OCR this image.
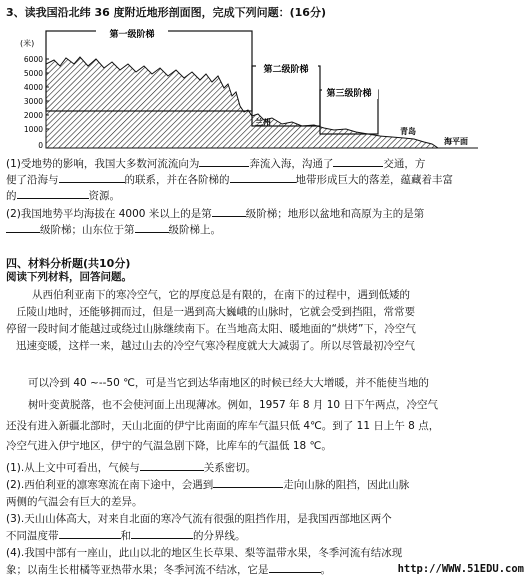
3、读我国沿北纬 36 度附近地形剖面图，完成下列问题：(16分)
(米)
6000
5000
4000
3000
2000
1000
0
第一级阶梯
第二级阶梯
第三级阶梯
兰州
青岛
海平面
(1)受地势的影响，我国大多数河流流向为	奔流入海，沟通了	交通，方
便了沿海与	的联系，并在各阶梯的	地带形成巨大的落差，蕴藏着丰富
的	资源。
(2)我国地势平均海拔在 4000 米以上的是第	级阶梯；地形以盆地和高原为主的是第
级阶梯；山东位于第	级阶梯上。
四、材料分析题(共10分)
阅读下列材料，回答问题。
从西伯利亚南下的寒冷空气，它的厚度总是有限的，在南下的过程中，遇到低矮的
丘陵山地时，还能够拥而过，但是一遇到高大巍峨的山脉时，它就会受到挡阻，常常要
停留一段时间才能越过或绕过山脉继续南下。在当地高太阳、暖地面的“烘烤”下，冷空气
迅速变暖，这样一来，越过山去的冷空气寒冷程度就大大减弱了。所以尽管最初冷空气
可以冷到 40 ~--50 ℃，可是当它到达华南地区的时候已经大大增暖，并不能使当地的
树叶变黄脱落，也不会使河面上出现薄冰。例如，1957 年 8 月 10 日下午两点，冷空气
还没有进入新疆北部时，天山北面的伊宁比南面的库车气温只低 4℃。到了 11 日上午 8 点，
冷空气进入伊宁地区，伊宁的气温急剧下降，比库车的气温低 18 ℃。
(1).从上文中可看出，气候与	关系密切。
(2).西伯利亚的凛寒寒流在南下途中，会遇到	走向山脉的阻挡，因此山脉
两侧的气温会有巨大的差异。
(3).天山山体高大，对来自北面的寒冷气流有很强的阻挡作用，是我国西部地区两个
不同温度带	和	的分界线。
(4).我国中部有一座山，此山以北的地区生长草果、梨等温带水果，冬季河流有结冰现
象；以南生长柑橘等亚热带水果；冬季河流不结冰，它是	。	http://WWW.51EDU.com
